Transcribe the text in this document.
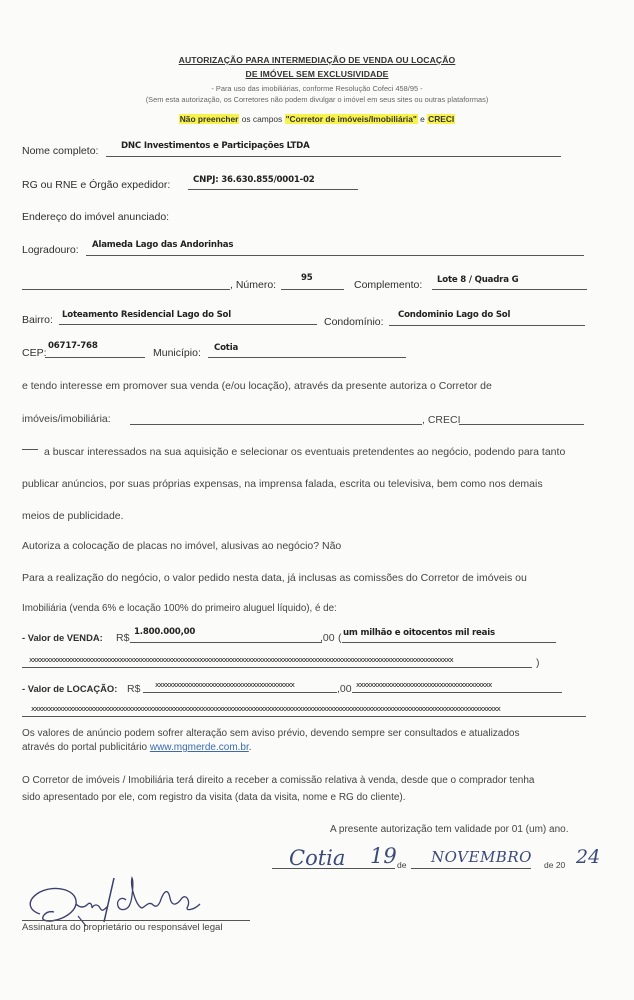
AUTORIZAÇÃO PARA INTERMEDIAÇÃO DE VENDA OU LOCAÇÃO
DE IMÓVEL SEM EXCLUSIVIDADE
- Para uso das imobiliárias, conforme Resolução Cofeci 458/95 -
(Sem esta autorização, os Corretores não podem divulgar o imóvel em seus sites ou outras plataformas)
Não preencher os campos "Corretor de imóveis/Imobiliária" e CRECI
Nome completo:	DNC Investimentos e Participações LTDA
RG ou RNE e Órgão expedidor:	CNPJ: 36.630.855/0001-02
Endereço do imóvel anunciado:
Logradouro: Alameda Lago das Andorinhas
, Número:
95
Complemento: Lote 8 / Quadra G
Bairro: Loteamento Residencial Lago do Sol
Condomínio:
Condominio Lago do Sol
CEP:
06717-768
Município: Cotia
e tendo interesse em promover sua venda (e/ou locação), através da presente autoriza o Corretor de
imóveis/imobiliária:	, CRECI
a buscar interessados na sua aquisição e selecionar os eventuais pretendentes ao negócio, podendo para tanto
publicar anúncios, por suas próprias expensas, na imprensa falada, escrita ou televisiva, bem como nos demais
meios de publicidade.
Autoriza a colocação de placas no imóvel, alusivas ao negócio? Não
Para a realização do negócio, o valor pedido nesta data, já inclusas as comissões do Corretor de imóveis ou
Imobiliária (venda 6% e locação 100% do primeiro aluguel líquido), é de:
- Valor de VENDA: R$ 1.800.000,00	,00 ( um milhão e oitocentos mil reais
xxxxxxxxxxxxxxxxxxxxxxxxxxxxxxxxxxxxxxxxxxxxxxxxxxxxxxxxxxxxxxxxxxxxxxxxxxxxxxxxxxxxxxxxxxxxxxxxxxxxxxxxxxxxxxxxxxxxxxxxxx	)
- Valor de LOCAÇÃO: R$ xxxxxxxxxxxxxxxxxxxxxxxxxxxxxxxxxxxxxxxx	,00 xxxxxxxxxxxxxxxxxxxxxxxxxxxxxxxxxxxxxxx
xxxxxxxxxxxxxxxxxxxxxxxxxxxxxxxxxxxxxxxxxxxxxxxxxxxxxxxxxxxxxxxxxxxxxxxxxxxxxxxxxxxxxxxxxxxxxxxxxxxxxxxxxxxxxxxxxxxxxxxxxxxxxxxxxxxxxxx
Os valores de anúncio podem sofrer alteração sem aviso prévio, devendo sempre ser consultados e atualizados
através do portal publicitário www.mgmerde.com.br.
O Corretor de imóveis / Imobiliária terá direito a receber a comissão relativa à venda, desde que o comprador tenha
sido apresentado por ele, com registro da visita (data da visita, nome e RG do cliente).
A presente autorização tem validade por 01 (um) ano.
Cotia 19 de NOVEMBRO de 20 24
Assinatura do proprietário ou responsável legal
